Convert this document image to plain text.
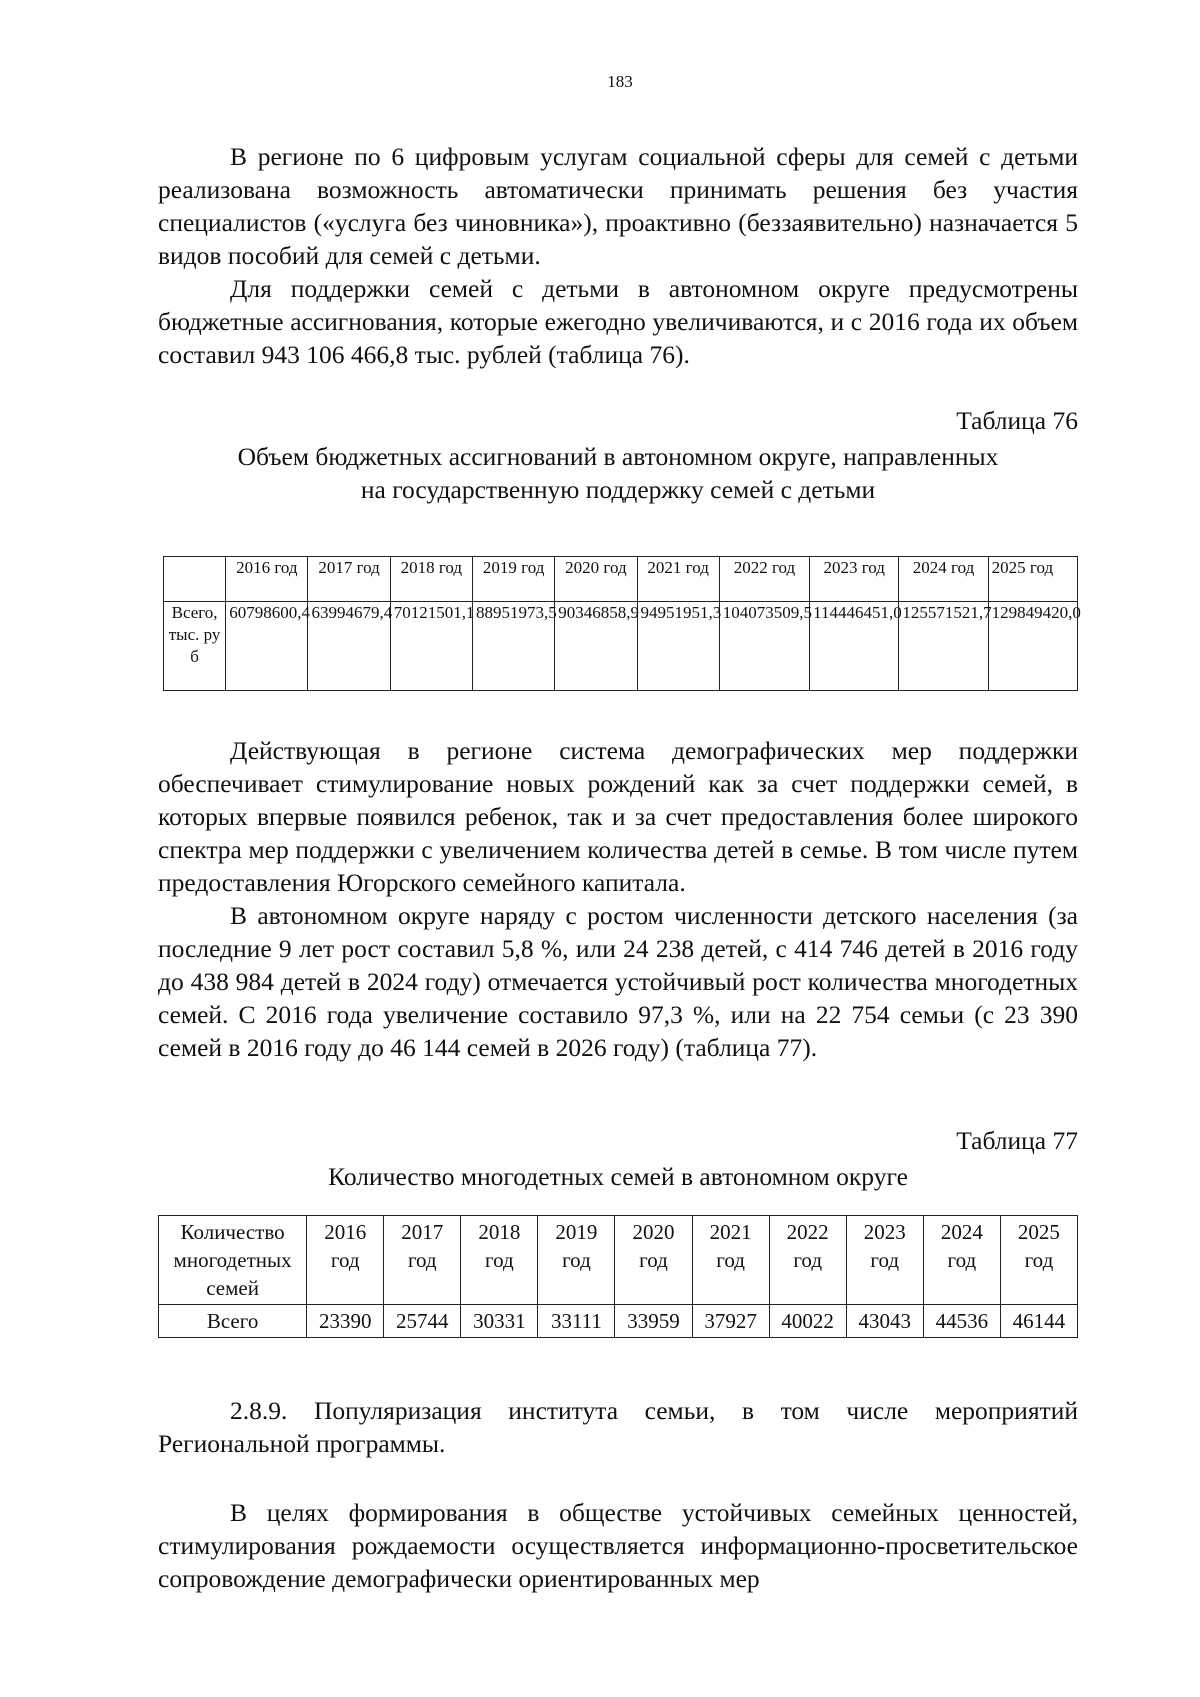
183

В регионе по 6 цифровым услугам социальной сферы для семей с детьми реализована возможность автоматически принимать решения без участия специалистов («услуга без чиновника»), проактивно (беззаявительно) назначается 5 видов пособий для семей с детьми.

Для поддержки семей с детьми в автономном округе предусмотрены бюджетные ассигнования, которые ежегодно увеличиваются, и с 2016 года их объем составил 943 106 466,8 тыс. рублей (таблица 76).

Таблица 76
Объем бюджетных ассигнований в автономном округе, направленных
на государственную поддержку семей с детьми
	2016 год	2017 год	2018 год	2019 год	2020 год	2021 год	2022 год	2023 год	2024 год	2025 год
Всего, тыс. руб	60798600,4	63994679,4	70121501,1	88951973,5	90346858,9	94951951,3	104073509,5	114446451,0	125571521,7	129849420,0

Действующая в регионе система демографических мер поддержки обеспечивает стимулирование новых рождений как за счет поддержки семей, в которых впервые появился ребенок, так и за счет предоставления более широкого спектра мер поддержки с увеличением количества детей в семье. В том числе путем предоставления Югорского семейного капитала.

В автономном округе наряду с ростом численности детского населения (за последние 9 лет рост составил 5,8 %, или 24 238 детей, с 414 746 детей в 2016 году до 438 984 детей в 2024 году) отмечается устойчивый рост количества многодетных семей. С 2016 года увеличение составило 97,3 %, или на 22 754 семьи (с 23 390 семей в 2016 году до 46 144 семей в 2026 году) (таблица 77).

Таблица 77
Количество многодетных семей в автономном округе
Количество многодетных семей	2016 год	2017 год	2018 год	2019 год	2020 год	2021 год	2022 год	2023 год	2024 год	2025 год
Всего	23390	25744	30331	33111	33959	37927	40022	43043	44536	46144

2.8.9. Популяризация института семьи, в том числе мероприятий Региональной программы.

В целях формирования в обществе устойчивых семейных ценностей, стимулирования рождаемости осуществляется информационно-просветительское сопровождение демографически ориентированных мер
